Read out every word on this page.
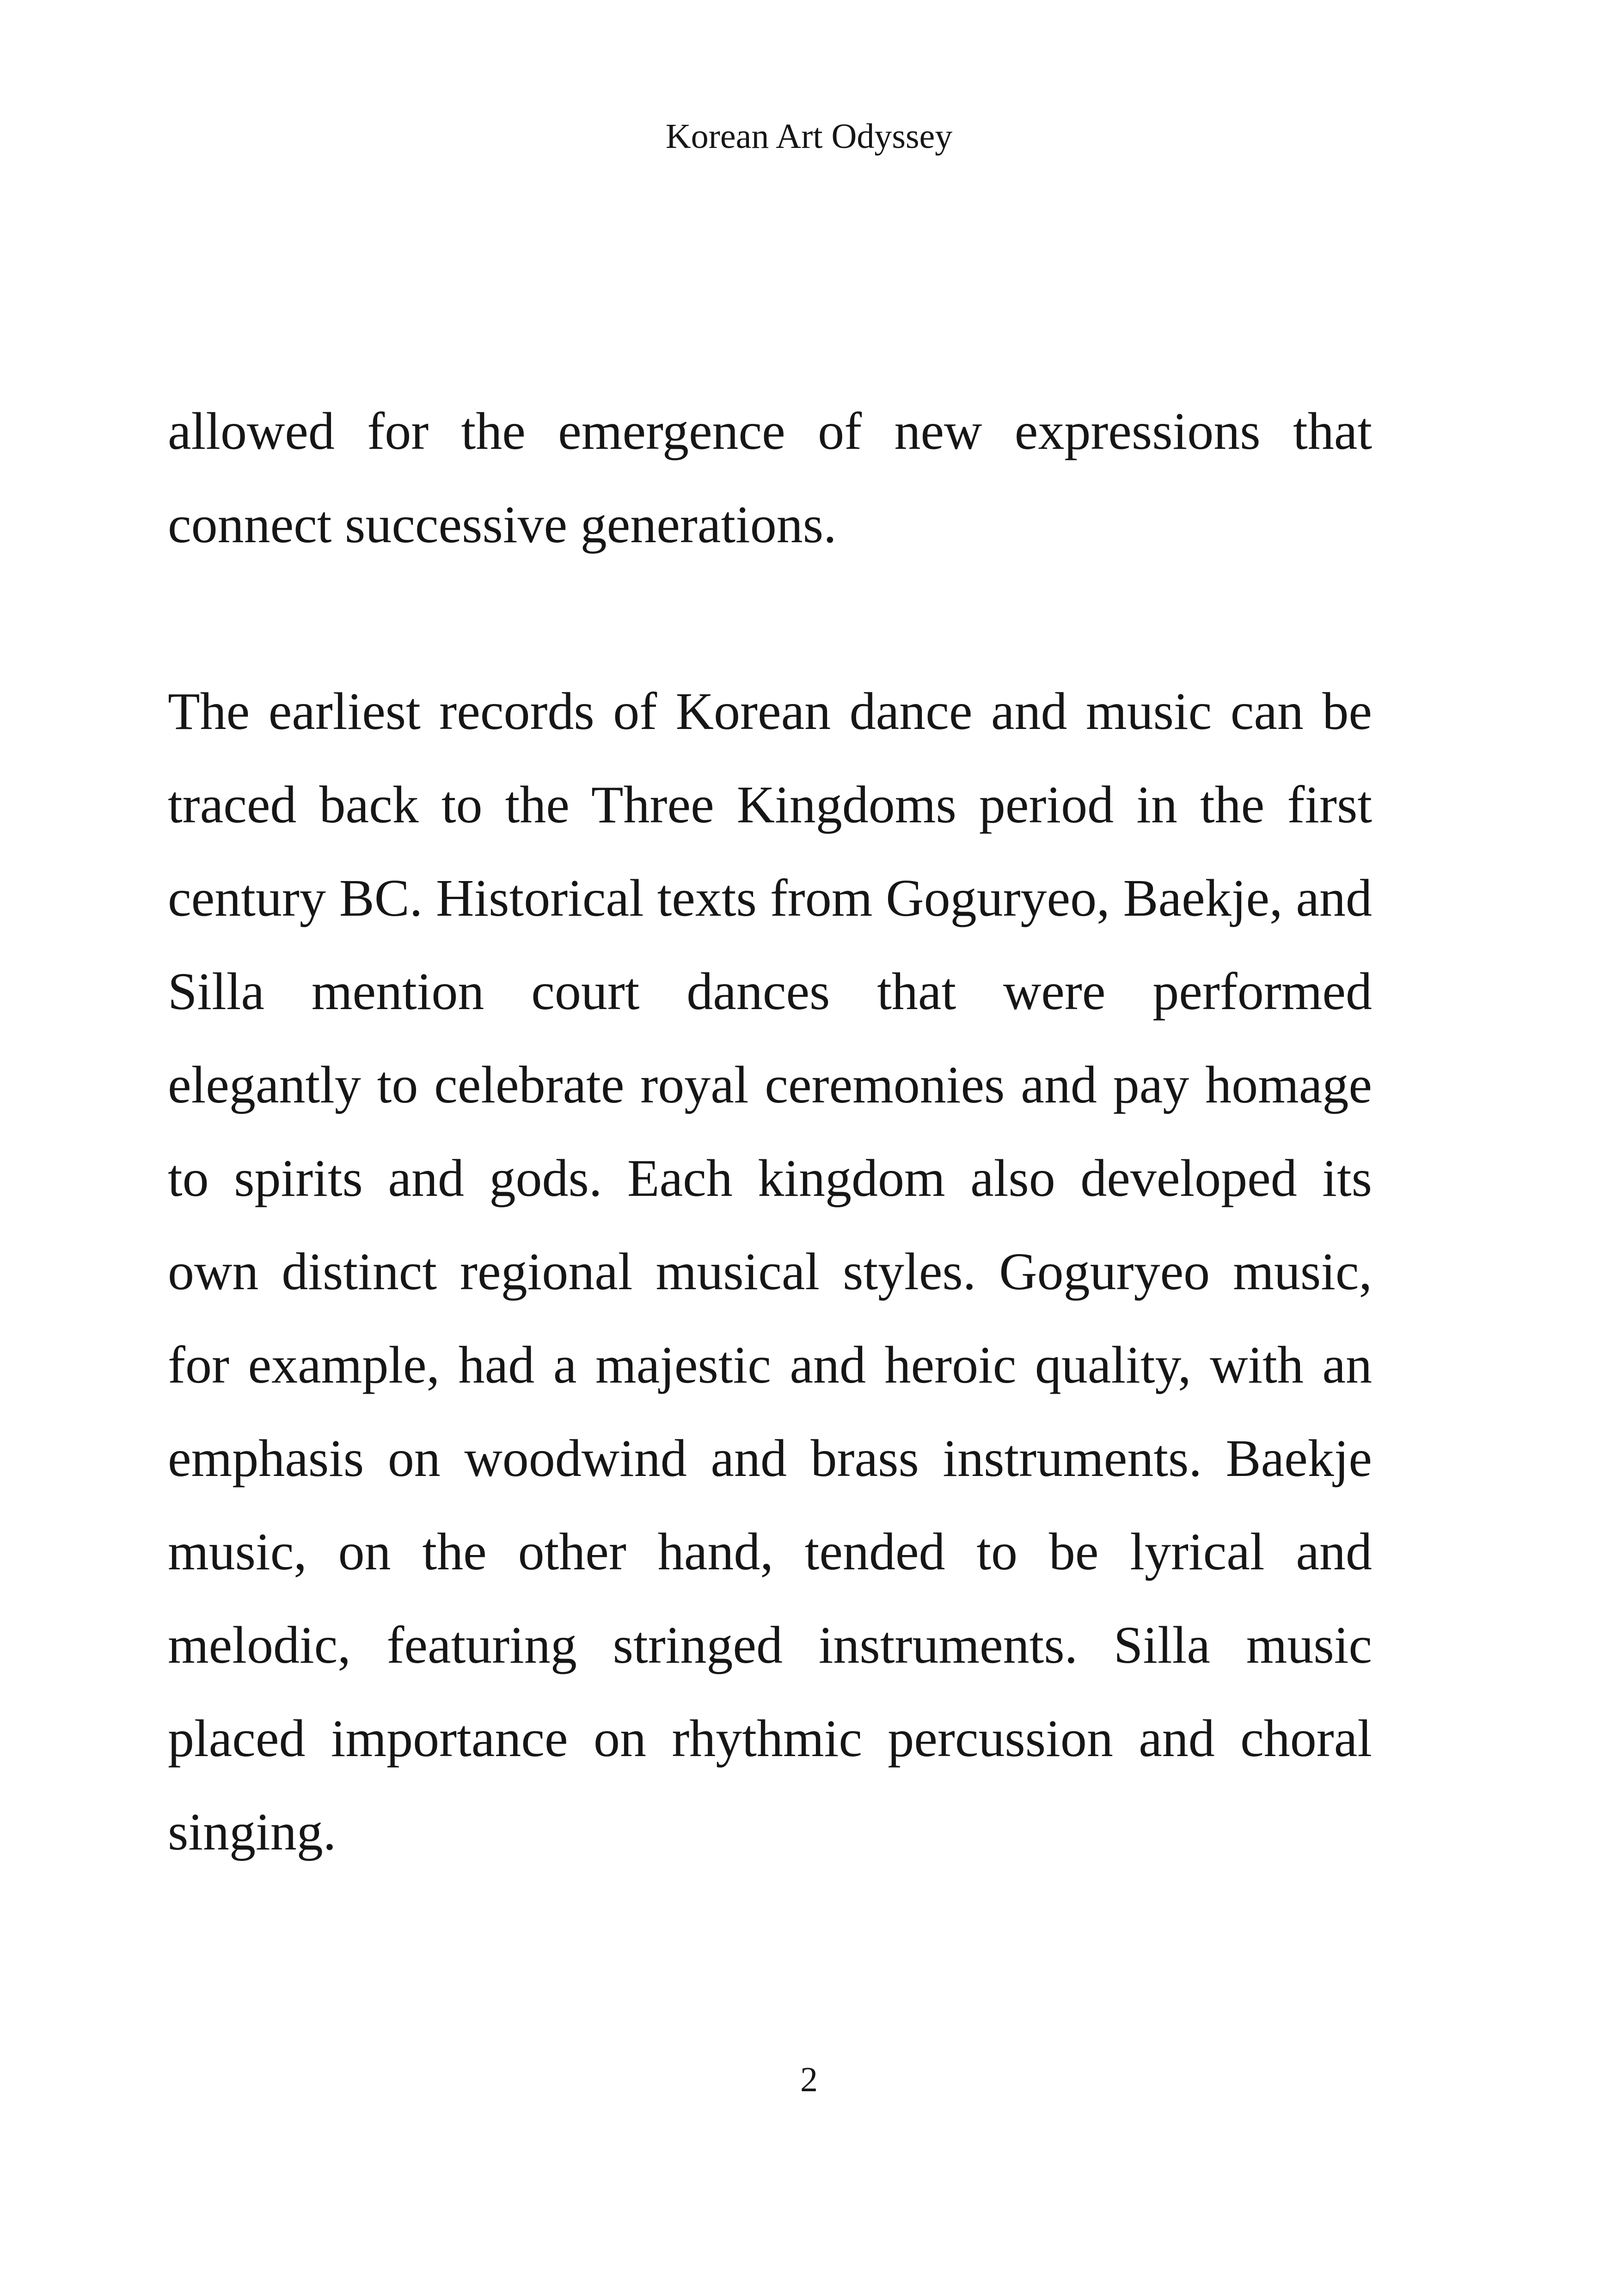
Korean Art Odyssey

allowed for the emergence of new expressions that connect successive generations.

The earliest records of Korean dance and music can be traced back to the Three Kingdoms period in the first century BC. Historical texts from Goguryeo, Baekje, and Silla mention court dances that were performed elegantly to celebrate royal ceremonies and pay homage to spirits and gods. Each kingdom also developed its own distinct regional musical styles. Goguryeo music, for example, had a majestic and heroic quality, with an emphasis on woodwind and brass instruments. Baekje music, on the other hand, tended to be lyrical and melodic, featuring stringed instruments. Silla music placed importance on rhythmic percussion and choral singing.

2
